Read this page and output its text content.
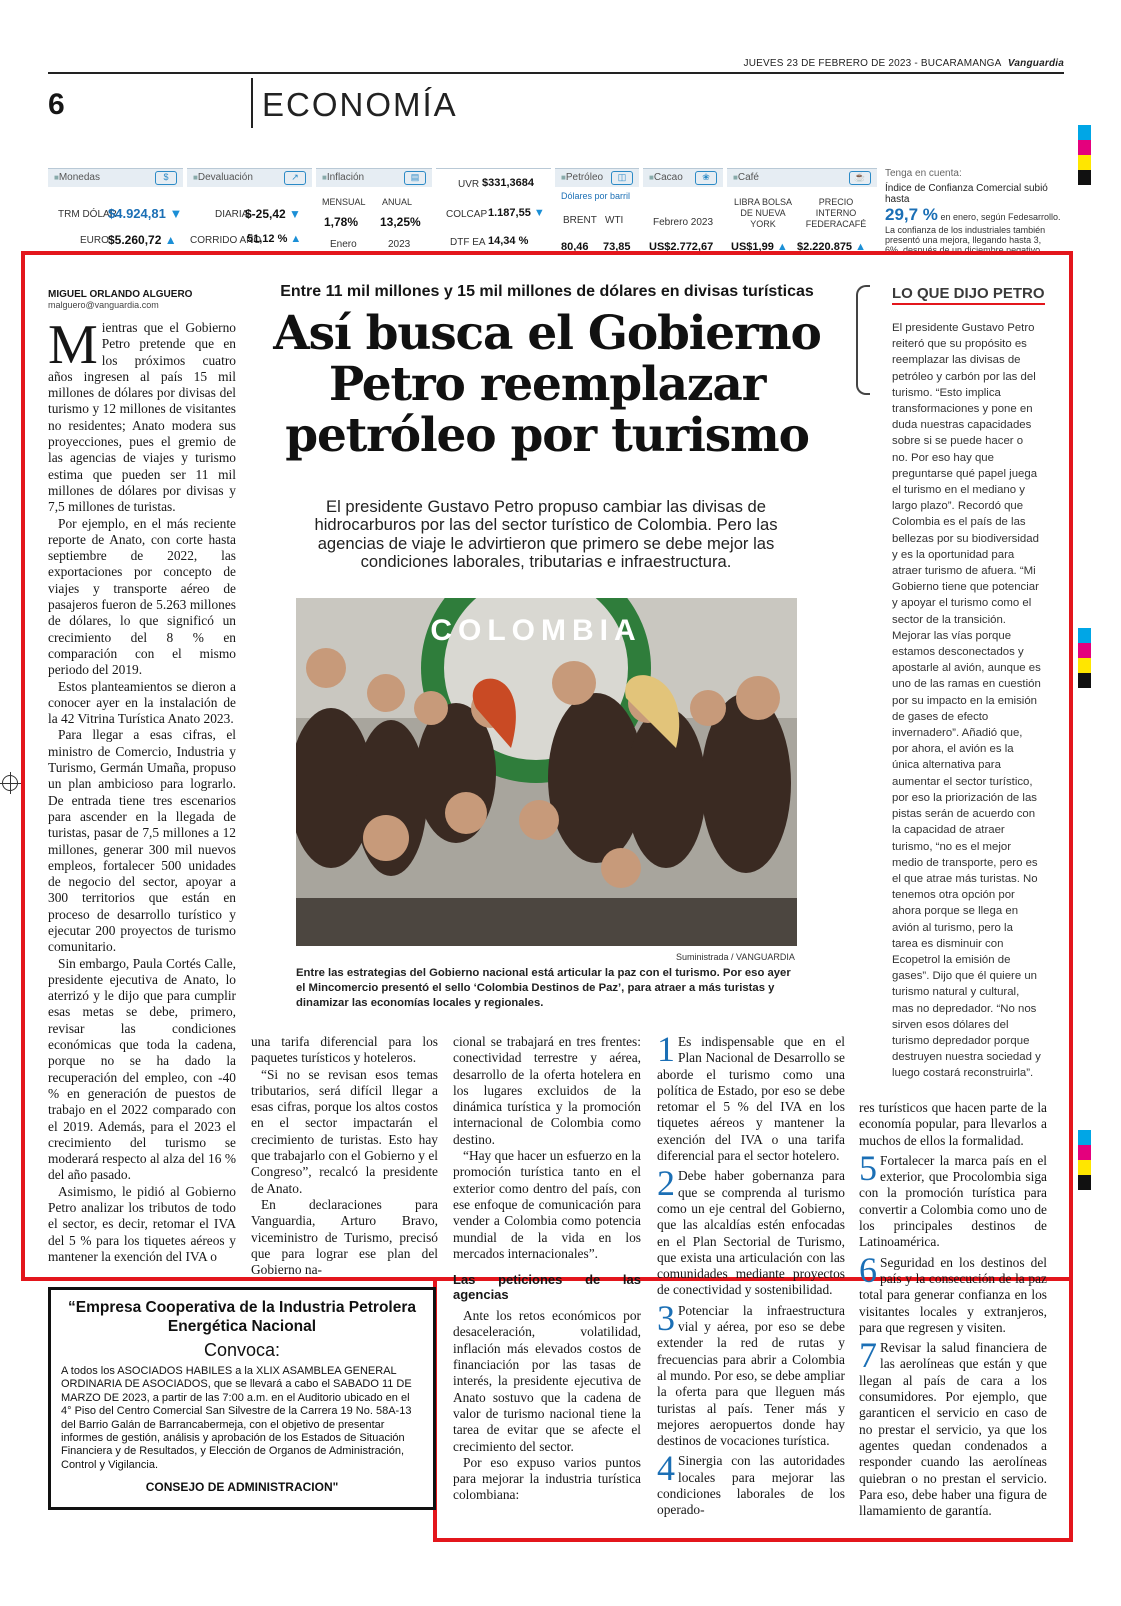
JUEVES 23 DE FEBRERO DE 2023 - BUCARAMANGA Vanguardia
6	ECONOMÍA
■ Monedas	$
TRM DÓLAR
$4.924,81 ▼
EURO $5.260,72 ▲
■ Devaluación	↗
DIARIA
$-25,42 ▼
CORRIDO AÑO
51,12 % ▲
■ Inflación	▤
MENSUAL ANUAL
1,78% 13,25%
Enero	2023
UVR $331,3684
COLCAP 1.187,55 ▼
DTF EA 14,34 %
■ Petróleo	◫
Dólares por barril
BRENT WTI
80,46 73,85
■ Cacao	❀
Febrero 2023
US$2.772,67
■ Café	☕
LIBRA BOLSA DE NUEVA YORK
PRECIO INTERNO FEDERACAFÉ
US$1,99 ▲	$2.220.875 ▲
Tenga en cuenta:
Índice de Confianza Comercial subió hasta
29,7 % en enero, según Fedesarrollo.
La confianza de los industriales también presentó una mejora, llegando hasta 3, 6%, después de un diciembre negativo.
MIGUEL ORLANDO ALGUERO
malguero@vanguardia.com

Mientras que el Gobierno Petro pretende que en los próximos cuatro años ingresen al país 15 mil millones de dólares por divisas del turismo y 12 millones de visitantes no residentes; Anato modera sus proyecciones, pues el gremio de las agencias de viajes y turismo estima que pueden ser 11 mil millones de dólares por divisas y 7,5 millones de turistas.

Por ejemplo, en el más reciente reporte de Anato, con corte hasta septiembre de 2022, las exportaciones por concepto de viajes y transporte aéreo de pasajeros fueron de 5.263 millones de dólares, lo que significó un crecimiento del 8 % en comparación con el mismo periodo del 2019.

Estos planteamientos se dieron a conocer ayer en la instalación de la 42 Vitrina Turística Anato 2023.

Para llegar a esas cifras, el ministro de Comercio, Industria y Turismo, Germán Umaña, propuso un plan ambicioso para lograrlo. De entrada tiene tres escenarios para ascender en la llegada de turistas, pasar de 7,5 millones a 12 millones, generar 300 mil nuevos empleos, fortalecer 500 unidades de negocio del sector, apoyar a 300 territorios que están en proceso de desarrollo turístico y ejecutar 200 proyectos de turismo comunitario.

Sin embargo, Paula Cortés Calle, presidente ejecutiva de Anato, lo aterrizó y le dijo que para cumplir esas metas se debe, primero, revisar las condiciones económicas que toda la cadena, porque no se ha dado la recuperación del empleo, con -40 % en generación de puestos de trabajo en el 2022 comparado con el 2019. Además, para el 2023 el crecimiento del turismo se moderará respecto al alza del 16 % del año pasado.

Asimismo, le pidió al Gobierno Petro analizar los tributos de todo el sector, es decir, retomar el IVA del 5 % para los tiquetes aéreos y mantener la exención del IVA o

Entre 11 mil millones y 15 mil millones de dólares en divisas turísticas
Así busca el Gobierno Petro reemplazar petróleo por turismo
El presidente Gustavo Petro propuso cambiar las divisas de hidrocarburos por las del sector turístico de Colombia. Pero las agencias de viaje le advirtieron que primero se debe mejor las condiciones laborales, tributarias e infraestructura.
COLOMBIA
Suministrada / VANGUARDIA
Entre las estrategias del Gobierno nacional está articular la paz con el turismo. Por eso ayer el Mincomercio presentó el sello ‘Colombia Destinos de Paz’, para atraer a más turistas y dinamizar las economías locales y regionales.

una tarifa diferencial para los paquetes turísticos y hoteleros.

“Si no se revisan esos temas tributarios, será difícil llegar a esas cifras, porque los altos costos en el sector impactarán el crecimiento de turistas. Esto hay que trabajarlo con el Gobierno y el Congreso”, recalcó la presidente de Anato.

En declaraciones para Vanguardia, Arturo Bravo, viceministro de Turismo, precisó que para lograr ese plan del Gobierno na-

cional se trabajará en tres frentes: conectividad terrestre y aérea, desarrollo de la oferta hotelera en los lugares excluidos de la dinámica turística y la promoción internacional de Colombia como destino.

“Hay que hacer un esfuerzo en la promoción turística tanto en el exterior como dentro del país, con ese enfoque de comunicación para vender a Colombia como potencia mundial de la vida en los mercados internacionales”.

Las peticiones de las agencias

Ante los retos económicos por desaceleración, volatilidad, inflación más elevados costos de financiación por las tasas de interés, la presidente ejecutiva de Anato sostuvo que la cadena de valor de turismo nacional tiene la tarea de evitar que se afecte el crecimiento del sector.

Por eso expuso varios puntos para mejorar la industria turística colombiana:

1 Es indispensable que en el Plan Nacional de Desarrollo se aborde el turismo como una política de Estado, por eso se debe retomar el 5 % del IVA en los tiquetes aéreos y mantener la exención del IVA o una tarifa diferencial para el sector hotelero.

2 Debe haber gobernanza para que se comprenda al turismo como un eje central del Gobierno, que las alcaldías estén enfocadas en el Plan Sectorial de Turismo, que exista una articulación con las comunidades mediante proyectos de conectividad y sostenibilidad.

3 Potenciar la infraestructura vial y aérea, por eso se debe extender la red de rutas y frecuencias para abrir a Colombia al mundo. Por eso, se debe ampliar la oferta para que lleguen más turistas al país. Tener más y mejores aeropuertos donde hay destinos de vocaciones turística.

4 Sinergia con las autoridades locales para mejorar las condiciones laborales de los operado-

res turísticos que hacen parte de la economía popular, para llevarlos a muchos de ellos la formalidad.

5 Fortalecer la marca país en el exterior, que Procolombia siga con la promoción turística para convertir a Colombia como uno de los principales destinos de Latinoamérica.

6 Seguridad en los destinos del país y la consecución de la paz total para generar confianza en los visitantes locales y extranjeros, para que regresen y visiten.

7 Revisar la salud financiera de las aerolíneas que están y que llegan al país de cara a los consumidores. Por ejemplo, que garanticen el servicio en caso de no prestar el servicio, ya que los agentes quedan condenados a responder cuando las aerolíneas quiebran o no prestan el servicio. Para eso, debe haber una figura de llamamiento de garantía.

LO QUE DIJO PETRO
El presidente Gustavo Petro reiteró que su propósito es reemplazar las divisas de petróleo y carbón por las del turismo. “Esto implica transformaciones y pone en duda nuestras capacidades sobre si se puede hacer o no. Por eso hay que preguntarse qué papel juega el turismo en el mediano y largo plazo”. Recordó que Colombia es el país de las bellezas por su biodiversidad y es la oportunidad para atraer turismo de afuera. “Mi Gobierno tiene que potenciar y apoyar el turismo como el sector de la transición. Mejorar las vías porque estamos desconectados y apostarle al avión, aunque es uno de las ramas en cuestión por su impacto en la emisión de gases de efecto invernadero”. Añadió que, por ahora, el avión es la única alternativa para aumentar el sector turístico, por eso la priorización de las pistas serán de acuerdo con la capacidad de atraer turismo, “no es el mejor medio de transporte, pero es el que atrae más turistas. No tenemos otra opción por ahora porque se llega en avión al turismo, pero la tarea es disminuir con Ecopetrol la emisión de gases”. Dijo que él quiere un turismo natural y cultural, mas no depredador. “No nos sirven esos dólares del turismo depredador porque destruyen nuestra sociedad y luego costará reconstruirla”.
“Empresa Cooperativa de la Industria Petrolera Energética Nacional
Convoca:
A todos los ASOCIADOS HABILES a la XLIX ASAMBLEA GENERAL ORDINARIA DE ASOCIADOS, que se llevará a cabo el SABADO 11 DE MARZO DE 2023, a partir de las 7:00 a.m. en el Auditorio ubicado en el 4° Piso del Centro Comercial San Silvestre de la Carrera 19 No. 58A-13 del Barrio Galán de Barrancabermeja, con el objetivo de presentar informes de gestión, análisis y aprobación de los Estados de Situación Financiera y de Resultados, y Elección de Organos de Administración, Control y Vigilancia.
CONSEJO DE ADMINISTRACION"
